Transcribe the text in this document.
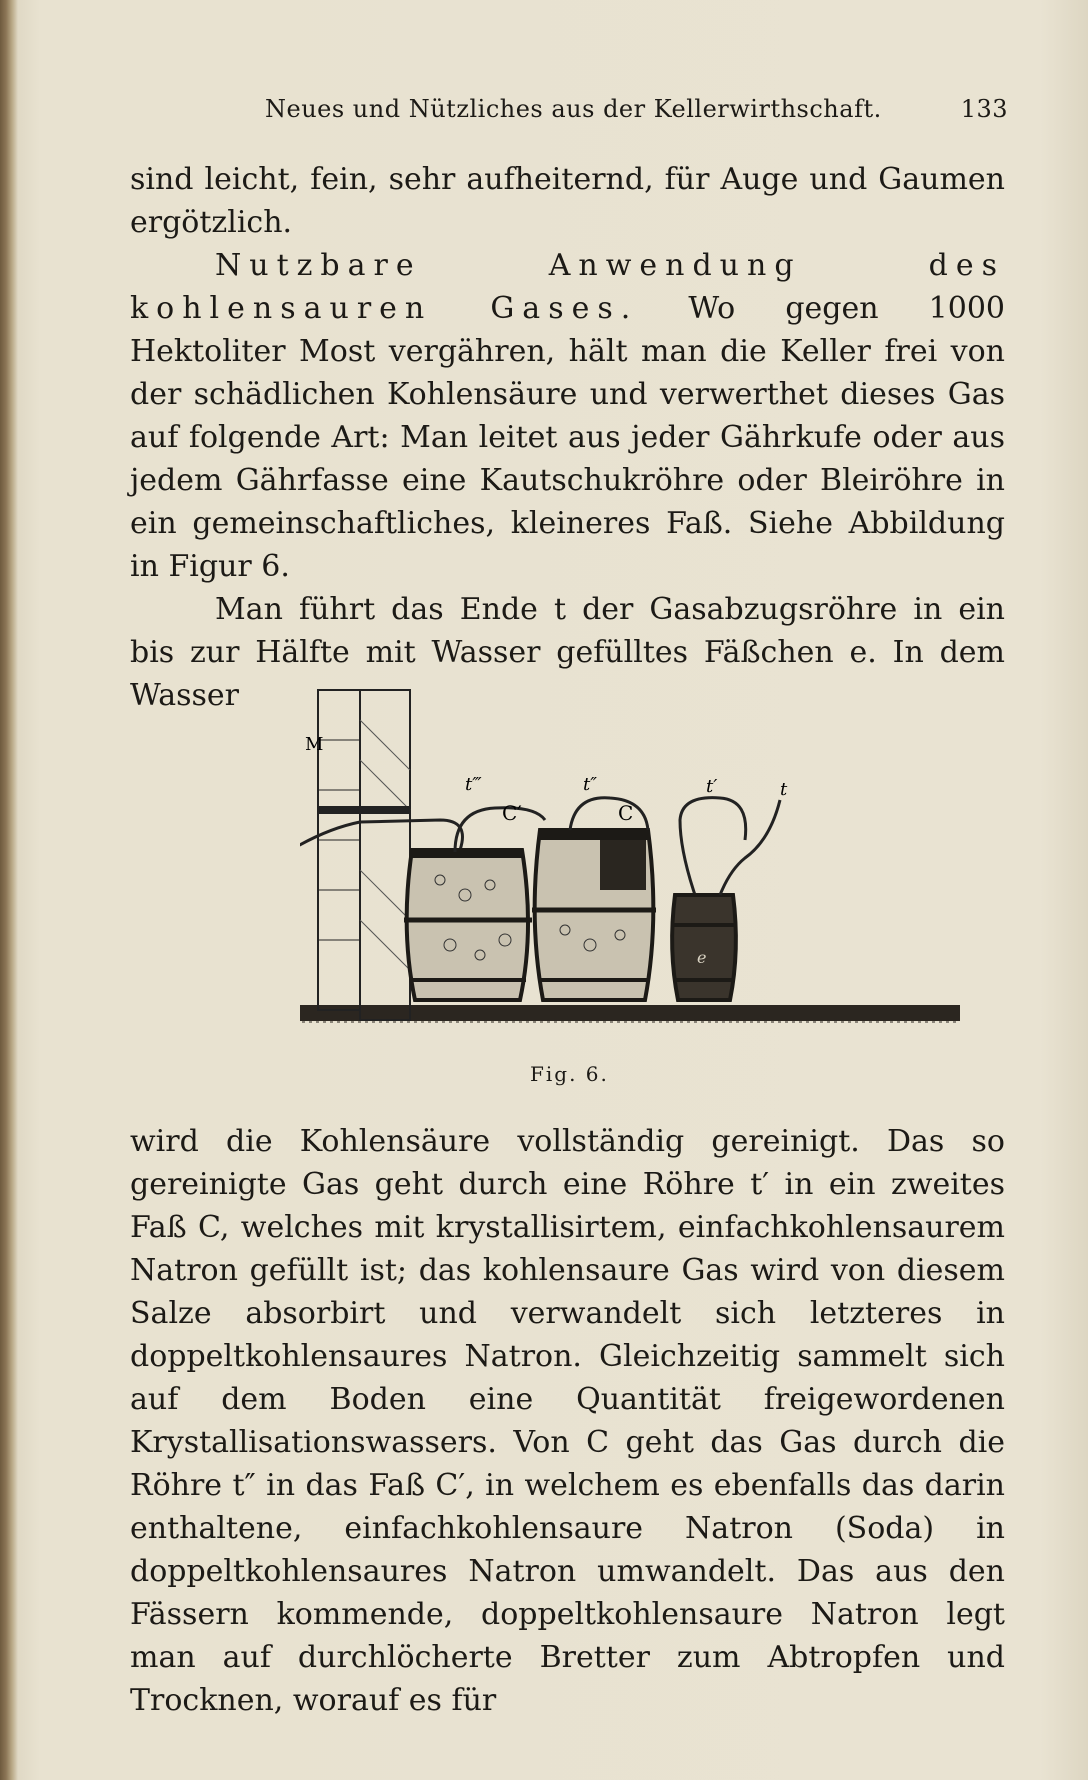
Neues und Nützliches aus der Kellerwirthschaft.	133

sind leicht, fein, sehr aufheiternd, für Auge und Gaumen ergötzlich.

Nutzbare Anwendung des kohlensauren Gases. Wo gegen 1000 Hektoliter Most vergähren, hält man die Keller frei von der schädlichen Kohlensäure und verwerthet dieses Gas auf folgende Art: Man leitet aus jeder Gährkufe oder aus jedem Gährfasse eine Kautschukröhre oder Bleiröhre in ein gemeinschaftliches, kleineres Faß. Siehe Abbildung in Figur 6.

Man führt das Ende t der Gasabzugsröhre in ein bis zur Hälfte mit Wasser gefülltes Fäßchen e. In dem Wasser

M
t‴	t″	t′	t
C′	C
e
Fig. 6.

wird die Kohlensäure vollständig gereinigt. Das so gereinigte Gas geht durch eine Röhre t′ in ein zweites Faß C, welches mit krystallisirtem, einfachkohlensaurem Natron gefüllt ist; das kohlensaure Gas wird von diesem Salze absorbirt und verwandelt sich letzteres in doppeltkohlensaures Natron. Gleichzeitig sammelt sich auf dem Boden eine Quantität freigewordenen Krystallisationswassers. Von C geht das Gas durch die Röhre t″ in das Faß C′, in welchem es ebenfalls das darin enthaltene, einfachkohlensaure Natron (Soda) in doppeltkohlensaures Natron umwandelt. Das aus den Fässern kommende, doppeltkohlensaure Natron legt man auf durchlöcherte Bretter zum Abtropfen und Trocknen, worauf es für
